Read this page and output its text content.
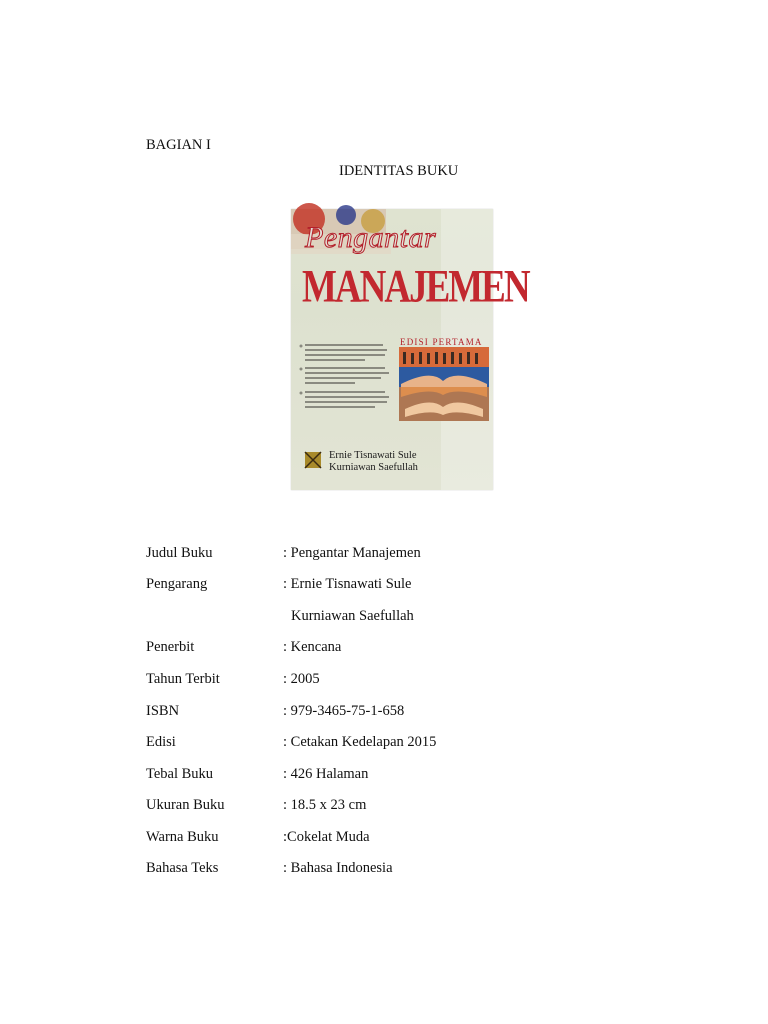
BAGIAN I
IDENTITAS BUKU
Pengantar
MANAJEMEN
EDISI PERTAMA
Ernie Tisnawati Sule
Kurniawan Saefullah
Judul Buku	: Pengantar Manajemen
Pengarang	: Ernie Tisnawati Sule
Kurniawan Saefullah
Penerbit	: Kencana
Tahun Terbit	: 2005
ISBN	: 979-3465-75-1-658
Edisi	: Cetakan Kedelapan 2015
Tebal Buku	: 426 Halaman
Ukuran Buku	: 18.5 x 23 cm
Warna Buku	:Cokelat Muda
Bahasa Teks	: Bahasa Indonesia
